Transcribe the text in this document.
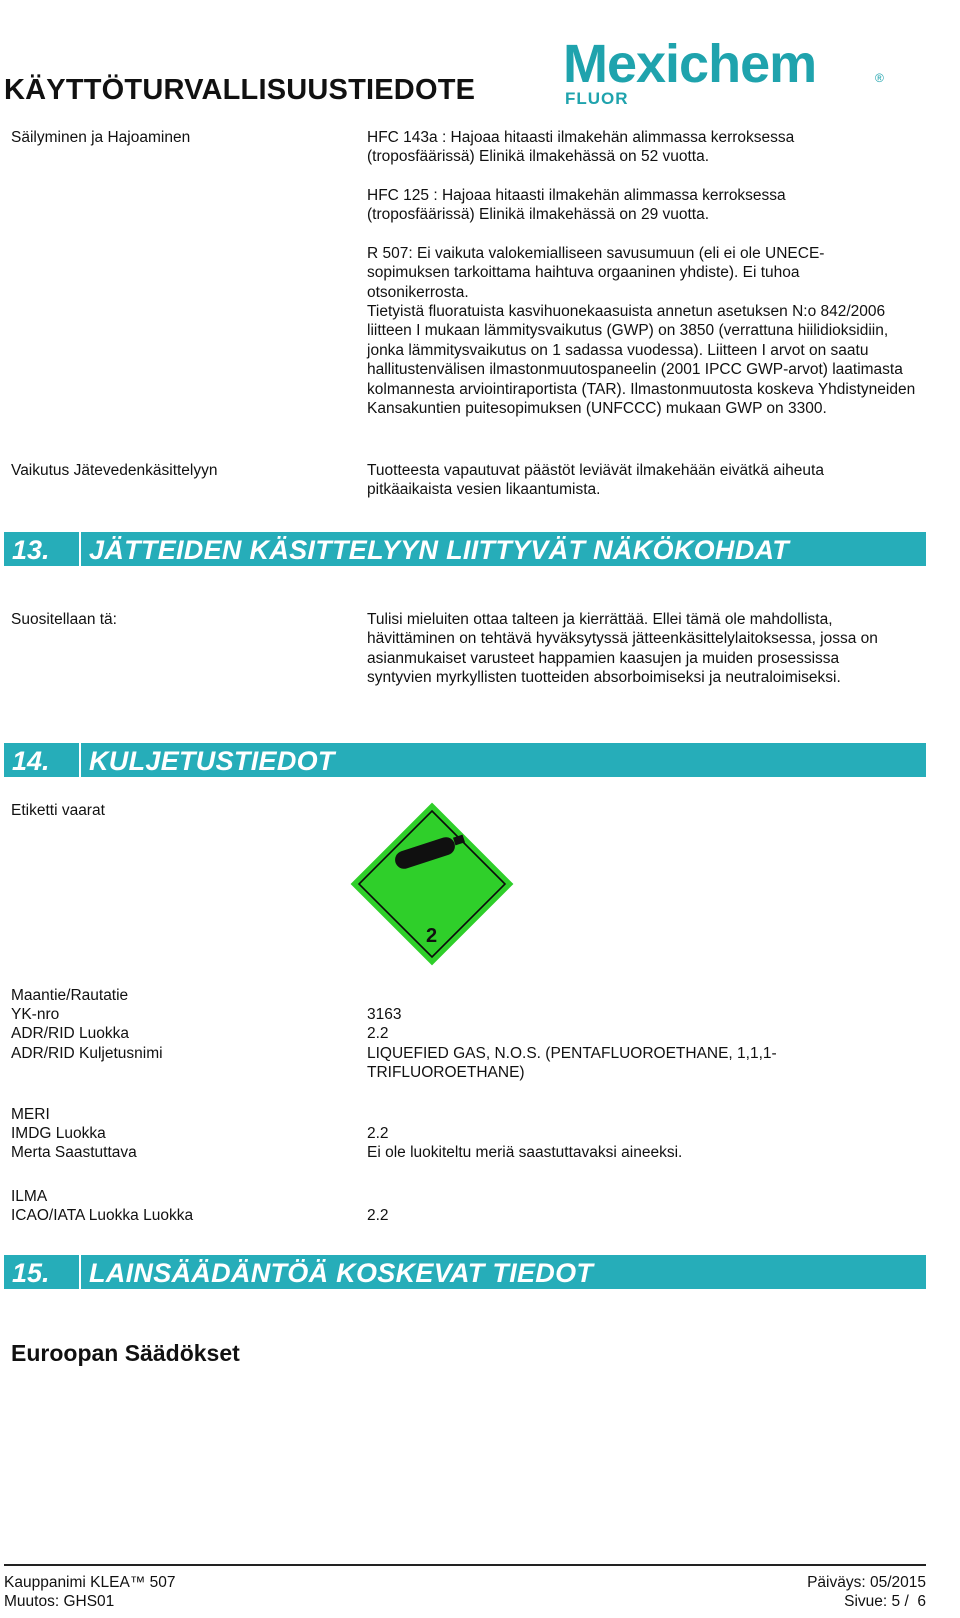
KÄYTTÖTURVALLISUUSTIEDOTE Mexichem	®
FLUOR
Säilyminen ja Hajoaminen	HFC 143a : Hajoaa hitaasti ilmakehän alimmassa kerroksessa (troposfäärissä) Elinikä ilmakehässä on 52 vuotta.
HFC 125 : Hajoaa hitaasti ilmakehän alimmassa kerroksessa (troposfäärissä) Elinikä ilmakehässä on 29 vuotta.
R 507: Ei vaikuta valokemialliseen savusumuun (eli ei ole UNECE-sopimuksen tarkoittama haihtuva orgaaninen yhdiste). Ei tuhoa otsonikerrosta.
Tietyistä fluoratuista kasvihuonekaasuista annetun asetuksen N:o 842/2006 liitteen I mukaan lämmitysvaikutus (GWP) on 3850 (verrattuna hiilidioksidiin, jonka lämmitysvaikutus on 1 sadassa vuodessa). Liitteen I arvot on saatu hallitustenvälisen ilmastonmuutospaneelin (2001 IPCC GWP-arvot) laatimasta kolmannesta arviointiraportista (TAR). Ilmastonmuutosta koskeva Yhdistyneiden Kansakuntien puitesopimuksen (UNFCCC) mukaan GWP on 3300.
Vaikutus Jätevedenkäsittelyyn	Tuotteesta vapautuvat päästöt leviävät ilmakehään eivätkä aiheuta pitkäaikaista vesien likaantumista.
13. JÄTTEIDEN KÄSITTELYYN LIITTYVÄT NÄKÖKOHDAT
Suositellaan tä:	Tulisi mieluiten ottaa talteen ja kierrättää. Ellei tämä ole mahdollista, hävittäminen on tehtävä hyväksytyssä jätteenkäsittelylaitoksessa, jossa on asianmukaiset varusteet happamien kaasujen ja muiden prosessissa syntyvien myrkyllisten tuotteiden absorboimiseksi ja neutraloimiseksi.
14. KULJETUSTIEDOT
Etiketti vaarat
2
Maantie/Rautatie
YK-nro	3163
ADR/RID Luokka	2.2
ADR/RID Kuljetusnimi	LIQUEFIED GAS, N.O.S. (PENTAFLUOROETHANE, 1,1,1-TRIFLUOROETHANE)
MERI
IMDG Luokka	2.2
Merta Saastuttava	Ei ole luokiteltu meriä saastuttavaksi aineeksi.
ILMA
ICAO/IATA Luokka Luokka	2.2
15. LAINSÄÄDÄNTÖÄ KOSKEVAT TIEDOT
Euroopan Säädökset
Kauppanimi KLEA™ 507
Muutos: GHS01
Päiväys: 05/2015
Sivue: 5 /  6
